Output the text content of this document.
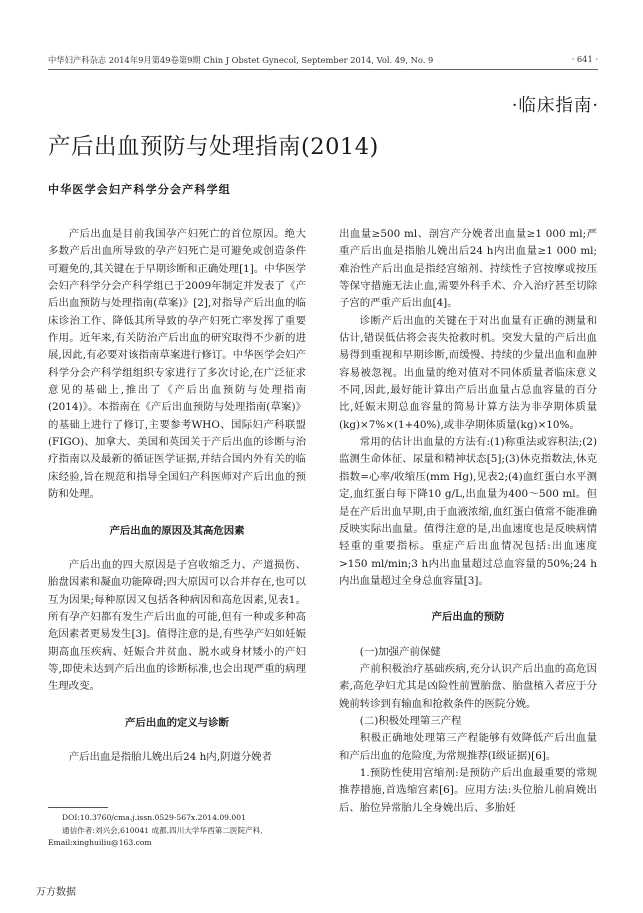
中华妇产科杂志 2014年9月第49卷第9期 Chin J Obstet Gynecol, September 2014, Vol. 49, No. 9	· 641 ·
·临床指南·
产后出血预防与处理指南(2014)
中华医学会妇产科学分会产科学组

产后出血是目前我国孕产妇死亡的首位原因。绝大多数产后出血所导致的孕产妇死亡是可避免或创造条件可避免的,其关键在于早期诊断和正确处理[1]。中华医学会妇产科学分会产科学组已于2009年制定并发表了《产后出血预防与处理指南(草案)》[2],对指导产后出血的临床诊治工作、降低其所导致的孕产妇死亡率发挥了重要作用。近年来,有关防治产后出血的研究取得不少新的进展,因此,有必要对该指南草案进行修订。中华医学会妇产科学分会产科学组组织专家进行了多次讨论,在广泛征求意见的基础上,推出了《产后出血预防与处理指南(2014)》。本指南在《产后出血预防与处理指南(草案)》的基础上进行了修订,主要参考WHO、国际妇产科联盟(FIGO)、加拿大、美国和英国关于产后出血的诊断与治疗指南以及最新的循证医学证据,并结合国内外有关的临床经验,旨在规范和指导全国妇产科医师对产后出血的预防和处理。

产后出血的原因及其高危因素

产后出血的四大原因是子宫收缩乏力、产道损伤、胎盘因素和凝血功能障碍;四大原因可以合并存在,也可以互为因果;每种原因又包括各种病因和高危因素,见表1。所有孕产妇都有发生产后出血的可能,但有一种或多种高危因素者更易发生[3]。值得注意的是,有些孕产妇如妊娠期高血压疾病、妊娠合并贫血、脱水或身材矮小的产妇等,即使未达到产后出血的诊断标准,也会出现严重的病理生理改变。

产后出血的定义与诊断

产后出血是指胎儿娩出后24 h内,阴道分娩者

出血量≥500 ml、剖宫产分娩者出血量≥1 000 ml;严重产后出血是指胎儿娩出后24 h内出血量≥1 000 ml;难治性产后出血是指经宫缩剂、持续性子宫按摩或按压等保守措施无法止血,需要外科手术、介入治疗甚至切除子宫的严重产后出血[4]。

诊断产后出血的关键在于对出血量有正确的测量和估计,错误低估将会丧失抢救时机。突发大量的产后出血易得到重视和早期诊断,而缓慢、持续的少量出血和血肿容易被忽视。出血量的绝对值对不同体质量者临床意义不同,因此,最好能计算出产后出血量占总血容量的百分比,妊娠末期总血容量的简易计算方法为非孕期体质量(kg)×7%×(1+40%),或非孕期体质量(kg)×10%。

常用的估计出血量的方法有:(1)称重法或容积法;(2)监测生命体征、尿量和精神状态[5];(3)休克指数法,休克指数=心率/收缩压(mm Hg),见表2;(4)血红蛋白水平测定,血红蛋白每下降10 g/L,出血量为400～500 ml。但是在产后出血早期,由于血液浓缩,血红蛋白值常不能准确反映实际出血量。值得注意的是,出血速度也是反映病情轻重的重要指标。重症产后出血情况包括:出血速度>150 ml/min;3 h内出血量超过总血容量的50%;24 h内出血量超过全身总血容量[3]。

产后出血的预防

(一)加强产前保健

产前积极治疗基础疾病,充分认识产后出血的高危因素,高危孕妇尤其是凶险性前置胎盘、胎盘植入者应于分娩前转诊到有输血和抢救条件的医院分娩。

(二)积极处理第三产程

积极正确地处理第三产程能够有效降低产后出血量和产后出血的危险度,为常规推荐(Ⅰ级证据)[6]。

1.预防性使用宫缩剂:是预防产后出血最重要的常规推荐措施,首选缩宫素[6]。应用方法:头位胎儿前肩娩出后、胎位异常胎儿全身娩出后、多胎妊

DOI:10.3760/cma.j.issn.0529-567x.2014.09.001
通信作者:刘兴会,610041 成都,四川大学华西第二医院产科,
Email:xinghuiliu@163.com
万方数据
